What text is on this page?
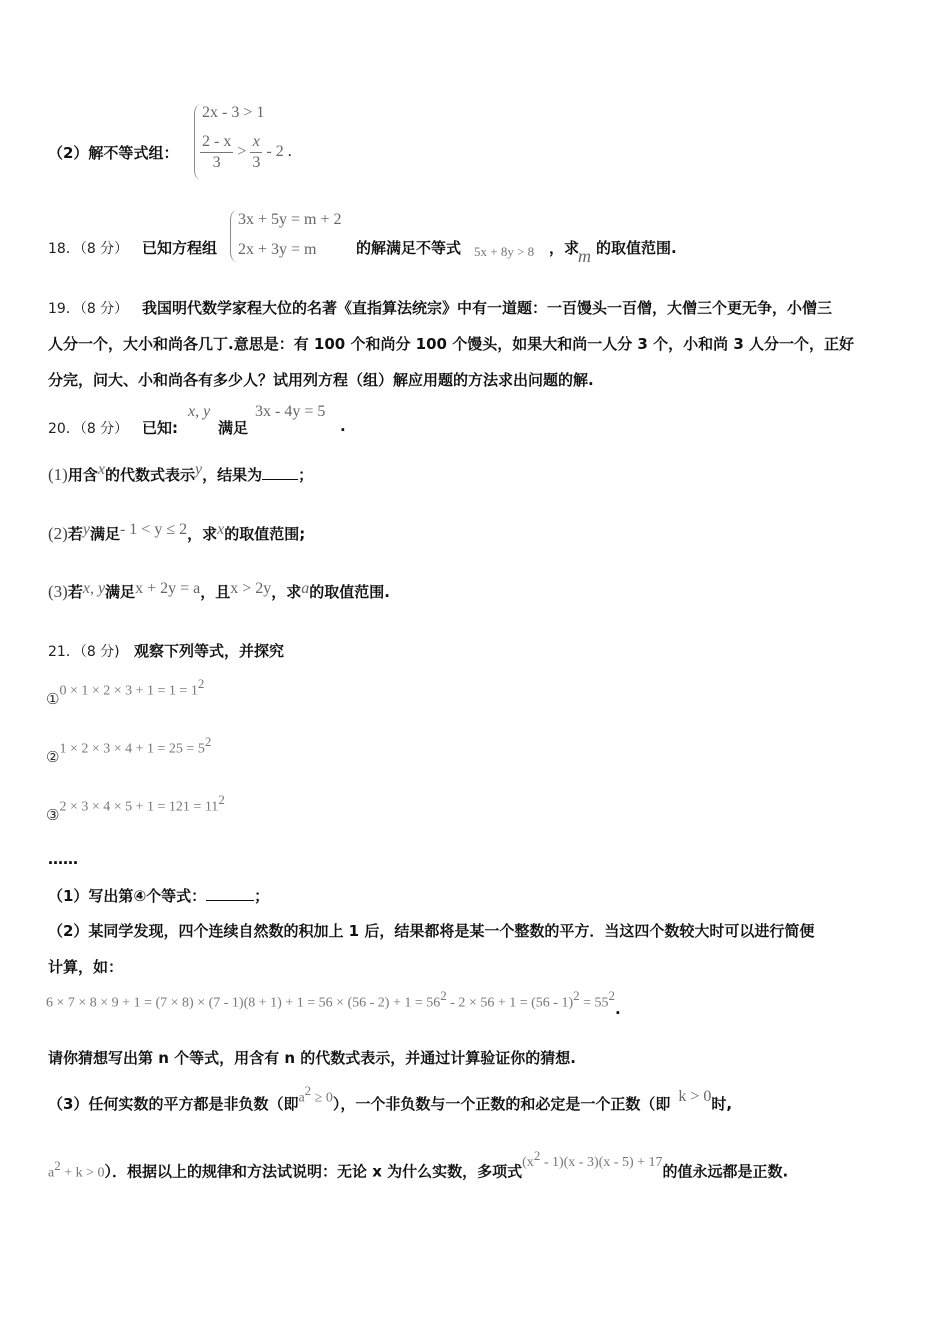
（2）解不等式组：
2x - 3 > 1
$\frac{2 - x}{3} > \frac{x}{3} - 2$ .
18．（8 分） 已知方程组
3x + 5y = m + 2
2x + 3y = m	的解满足不等式 5x + 8y > 8 ，求
m 的取值范围.
19．（8 分） 我国明代数学家程大位的名著《直指算法统宗》中有一道题：一百馒头一百僧，大僧三个更无争，小僧三
人分一个，大小和尚各几丁.意思是：有 100 个和尚分 100 个馒头，如果大和尚一人分 3 个，小和尚 3 人分一个，正好
分完，问大、小和尚各有多少人？试用列方程（组）解应用题的方法求出问题的解.
20．（8 分） 已知:
x, y
满足
3x - 4y = 5
.
(1)用含x的代数式表示y，结果为 ；
(2)若y满足- 1 < y ≤ 2，求x的取值范围;
(3)若x, y满足x + 2y = a，且x > 2y，求a的取值范围.
21．（8 分) 观察下列等式，并探究
①0 × $1 \times 2 \times 3 + 1 = 1 = 1^2$
②1 × $2 \times 3 \times 4 + 1 = 25 = 5^2$
③2 × $3 \times 4 \times 5 + 1 = 121 = 11^2$
……
（1）写出第④个等式：	；
（2）某同学发现，四个连续自然数的积加上 1 后，结果都将是某一个整数的平方．当这四个数较大时可以进行简便
计算，如：
$6 \times 7 \times 8 \times 9 + 1 = (7 \times 8) \times (7 - 1)(8 + 1) + 1 = 56 \times (56 - 2) + 1 = 56^2 - 2 \times 56 + 1 = (56 - 1)^2 = 55^2$.
请你猜想写出第 n 个等式，用含有 n 的代数式表示，并通过计算验证你的猜想.
（3）任何实数的平方都是非负数（即$a^2 \ge 0$），一个非负数与一个正数的和必定是一个正数（即 k > 0时,
$a^2 + k > 0$）．根据以上的规律和方法试说明：无论 x 为什么实数，多项式$(x^2 - 1)(x - 3)(x - 5) + 17$的值永远都是正数.
